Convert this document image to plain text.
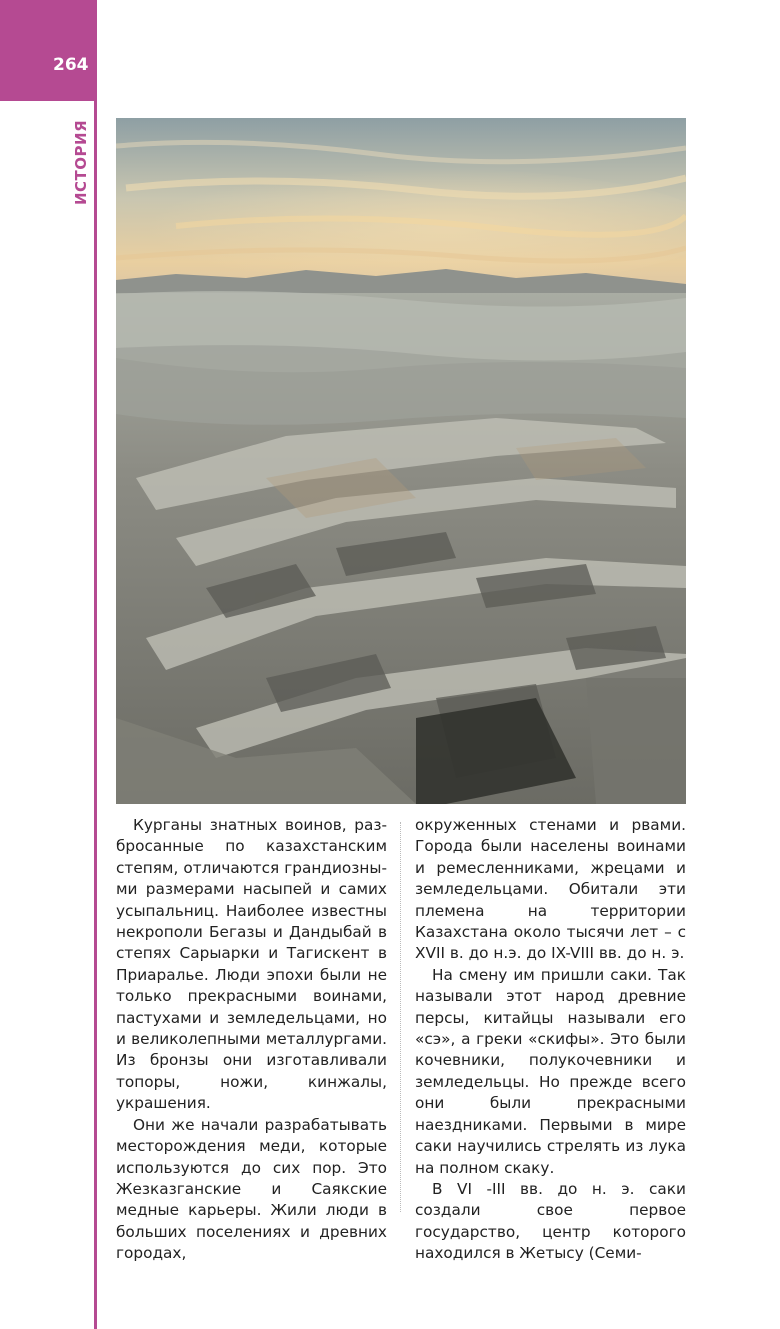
264
ИСТОРИЯ

Курганы знатных воинов, разбросанные по казахстанским степям, отличаются грандиозными размерами насыпей и самих усыпальниц. Наиболее известны некрополи Бегазы и Дандыбай в степях Сарыарки и Тагискент в Приаралье. Люди эпохи были не только прекрасными воинами, пастухами и земледельцами, но и великолепными металлургами. Из бронзы они изготавливали топоры, ножи, кинжалы, украшения.

Они же начали разрабатывать месторождения меди, которые используются до сих пор. Это Жезказганские и Саякские медные карьеры. Жили люди в больших поселениях и древних городах,

окруженных стенами и рвами. Города были населены воинами и ремесленниками, жрецами и земледельцами. Обитали эти племена на территории Казахстана около тысячи лет – с XVII в. до н.э. до IX-VIII вв. до н. э.

На смену им пришли саки. Так называли этот народ древние персы, китайцы называли его «сэ», а греки «скифы». Это были кочевники, полукочевники и земледельцы. Но прежде всего они были прекрасными наездниками. Первыми в мире саки научились стрелять из лука на полном скаку.

В VI -III вв. до н. э. саки создали свое первое государство, центр которого находился в Жетысу (Семи-
